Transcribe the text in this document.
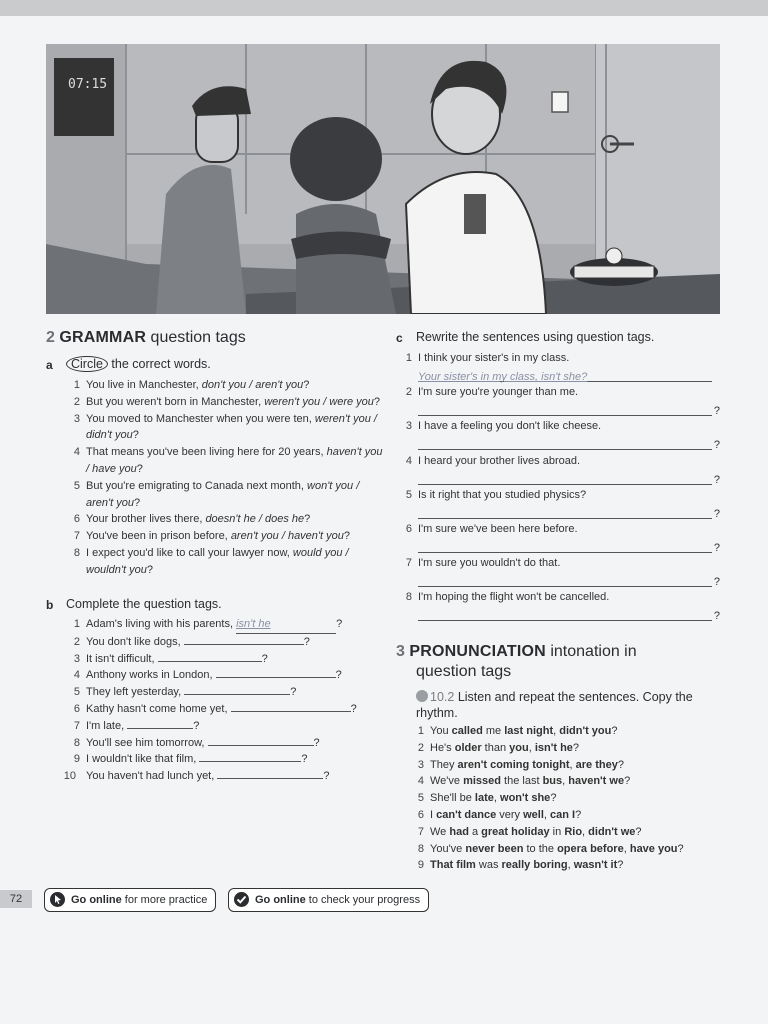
07:15
2 GRAMMAR question tags
a	Circle the correct words.
1 You live in Manchester, don't you / aren't you?
2 But you weren't born in Manchester, weren't you / were you?
3 You moved to Manchester when you were ten, weren't you / didn't you?
4 That means you've been living here for 20 years, haven't you / have you?
5 But you're emigrating to Canada next month, won't you / aren't you?
6 Your brother lives there, doesn't he / does he?
7 You've been in prison before, aren't you / haven't you?
8 I expect you'd like to call your lawyer now, would you / wouldn't you?
b Complete the question tags.
1 Adam's living with his parents, isn't he	?
2 You don't like dogs,	?
3 It isn't difficult,	?
4 Anthony works in London,	?
5 They left yesterday,	?
6 Kathy hasn't come home yet,	?
7 I'm late,	?
8 You'll see him tomorrow,	?
9 I wouldn't like that film,	?
10 You haven't had lunch yet,	?
c Rewrite the sentences using question tags.
1 I think your sister's in my class.
Your sister's in my class, isn't she?
2 I'm sure you're younger than me.
?
3 I have a feeling you don't like cheese.
?
4 I heard your brother lives abroad.
?
5 Is it right that you studied physics?
?
6 I'm sure we've been here before.
?
7 I'm sure you wouldn't do that.
?
8 I'm hoping the flight won't be cancelled.
?
3 PRONUNCIATION intonation in
question tags
10.2 Listen and repeat the sentences. Copy the
rhythm.
1 You called me last night, didn't you?
2 He's older than you, isn't he?
3 They aren't coming tonight, are they?
4 We've missed the last bus, haven't we?
5 She'll be late, won't she?
6 I can't dance very well, can I?
7 We had a great holiday in Rio, didn't we?
8 You've never been to the opera before, have you?
9 That film was really boring, wasn't it?
72	Go online for more practice	Go online to check your progress
